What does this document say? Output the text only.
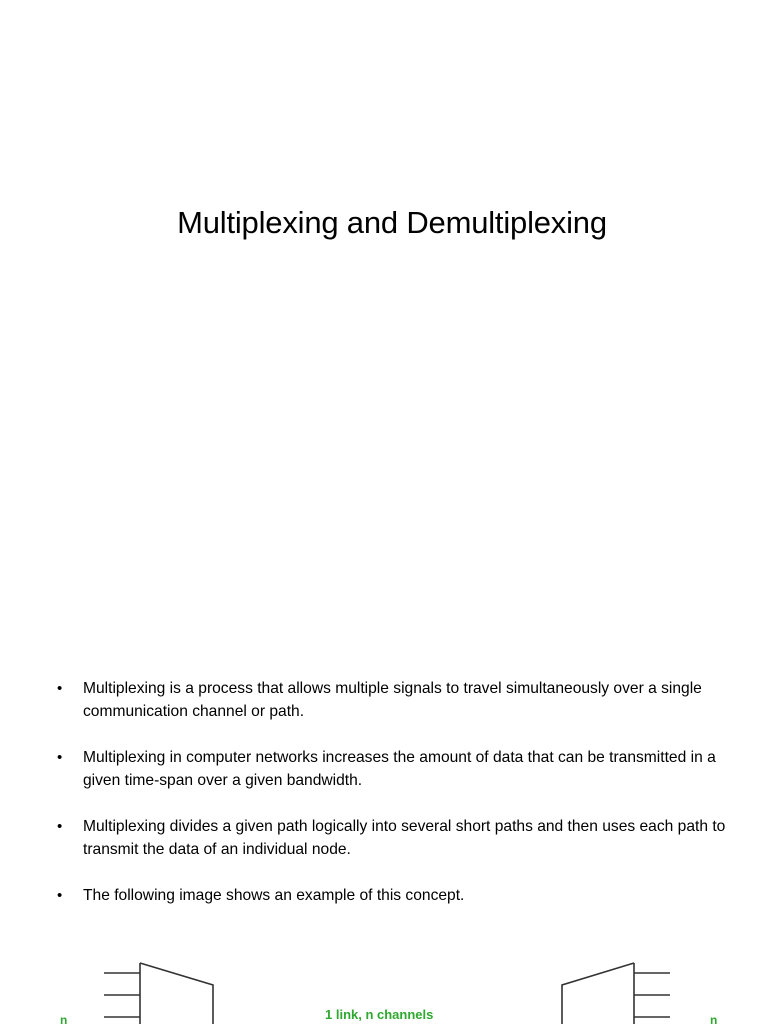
Multiplexing and Demultiplexing
• Multiplexing is a process that allows multiple signals to travel simultaneously over a single communication channel or path.
• Multiplexing in computer networks increases the amount of data that can be transmitted in a given time-span over a given bandwidth.
• Multiplexing divides a given path logically into several short paths and then uses each path to transmit the data of an individual node.
• The following image shows an example of this concept.
1 link, n channels
n	n
